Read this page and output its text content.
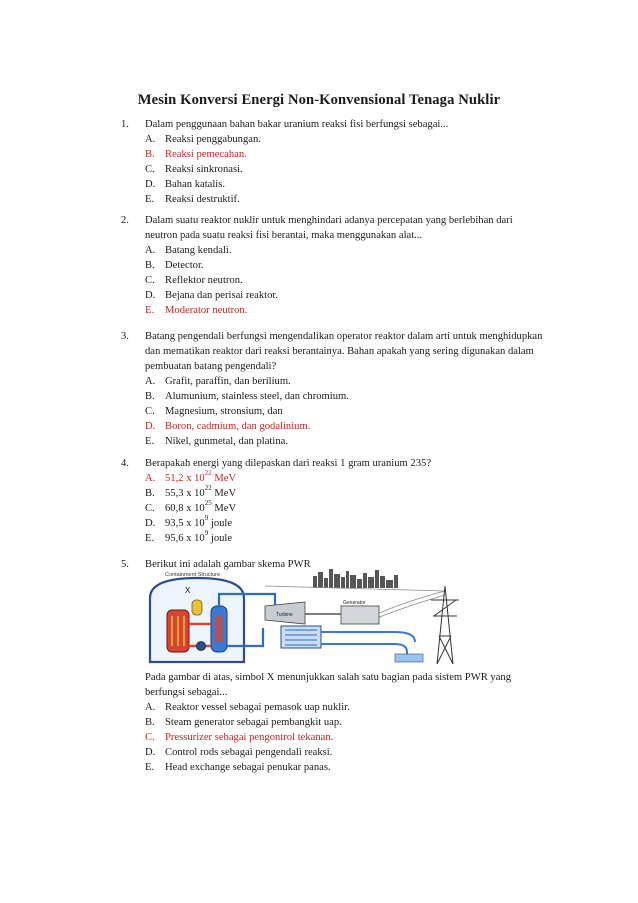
Mesin Konversi Energi Non-Konvensional Tenaga Nuklir
1. Dalam penggunaan bahan bakar uranium reaksi fisi berfungsi sebagai...
A. Reaksi penggabungan.
B. Reaksi pemecahan.
C. Reaksi sinkronasi.
D. Bahan katalis.
E.	Reaksi destruktif.
2. Dalam suatu reaktor nuklir untuk menghindari adanya percepatan yang berlebihan dari
neutron pada suatu reaksi fisi berantai, maka menggunakan alat...
A. Batang kendali.
B. Detector.
C. Reflektor neutron.
D. Bejana dan perisai reaktor.
E.	Moderator neutron.
3. Batang pengendali berfungsi mengendalikan operator reaktor dalam arti untuk menghidupkan
dan mematikan reaktor dari reaksi berantainya. Bahan apakah yang sering digunakan dalam
pembuatan batang pengendali?
A. Grafit, paraffin, dan berilium.
B. Alumunium, stainless steel, dan chromium.
C. Magnesium, stronsium, dan
D. Boron, cadmium, dan godalinium.
E.	Nikel, gunmetal, dan platina.
4. Berapakah energi yang dilepaskan dari reaksi 1 gram uranium 235?
A. 51,2 x $10^{22}$ MeV
B. 55,3 x $10^{22}$ MeV
C. 60,8 x $10^{25}$ MeV
D. 93,5 x $10^9$ joule
E.	95,6 x $10^9$ joule
5. Berikut ini adalah gambar skema PWR
Containment Structure
X
Turbine
Generator
Pada gambar di atas, simbol X menunjukkan salah satu bagian pada sistem PWR yang
berfungsi sebagai...
A. Reaktor vessel sebagai pemasok uap nuklir.
B. Steam generator sebagai pembangkit uap.
C. Pressurizer sebagai pengontrol tekanan.
D. Control rods sebagai pengendali reaksi.
E.	Head exchange sebagai penukar panas.
